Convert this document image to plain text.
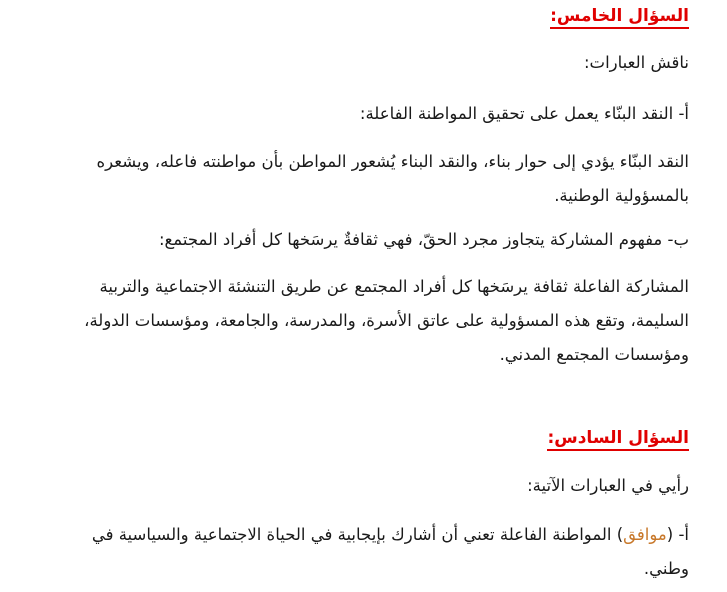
السؤال الخامس:
ناقش العبارات:
أ- النقد البنّاء يعمل على تحقيق المواطنة الفاعلة:
النقد البنّاء يؤدي إلى حوار بناء، والنقد البناء يُشعور المواطن بأن مواطنته فاعله، ويشعره بالمسؤولية الوطنية.
ب- مفهوم المشاركة يتجاوز مجرد الحقّ، فهي ثقافةٌ يرسَخها كل أفراد المجتمع:
المشاركة الفاعلة ثقافة يرسَخها كل أفراد المجتمع عن طريق التنشئة الاجتماعية والتربية السليمة، وتقع هذه المسؤولية على عاتق الأسرة، والمدرسة، والجامعة، ومؤسسات الدولة، ومؤسسات المجتمع المدني.
السؤال السادس:
رأيي في العبارات الآتية:
أ- (موافق) المواطنة الفاعلة تعني أن أشارك بإيجابية في الحياة الاجتماعية والسياسية في وطني.
